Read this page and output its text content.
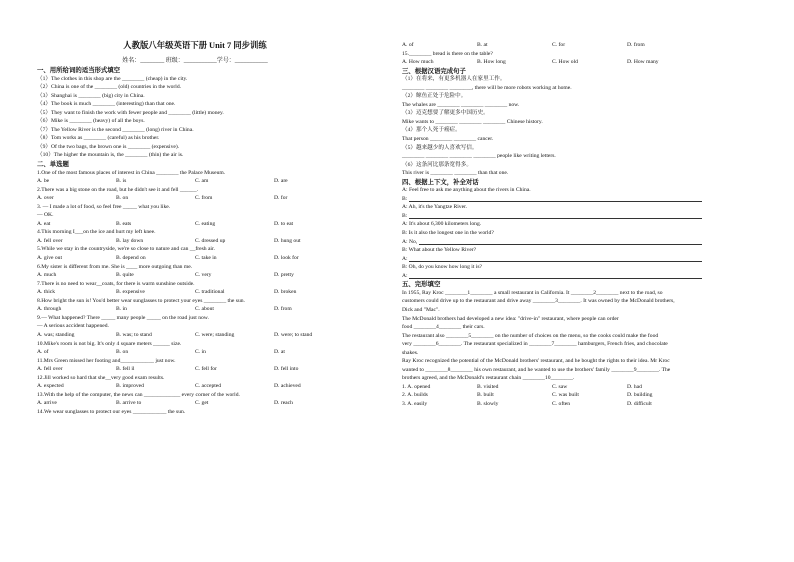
人教版八年级英语下册 Unit 7 同步训练
姓名：________ 班级：___________学号：___________
一、用所给词的适当形式填空
（1）The clothes in this shop are the ________ (cheap) in the city.
（2）China is one of the ________ (old) countries in the world.
（3）Shanghai is ________ (big) city in China.
（4）The book is much ________ (interesting) than that one.
（5）They want to finish the work with fewer people and ________ (little) money.
（6）Mike is ________ (heavy) of all the boys.
（7）The Yellow River is the second ________ (long) river in China.
（8）Tom works as ________ (careful) as his brother.
（9）Of the two bags, the brown one is ________ (expensive).
（10）The higher the mountain is, the ________ (thin) the air is.
二、单选题
1.One of the most famous places of interest in China ________ the Palace Museum.
A. be	B. is	C. am	D. are
2.There was a big stone on the road, but he didn't see it and fell ______.
A. over	B. on	C. from	D. for
3. — I made a lot of food, so feel free _____ what you like.
— OK.
A. eat	B. eats	C. eating	D. to eat
4.This morning I___on the ice and hurt my left knee.
A. fell over	B. lay down	C. dressed up	D. hung out
5.While we stay in the countryside, we're so close to nature and can __fresh air.
A. give out	B. depend on	C. take in	D. look for
6.My sister is different from me. She is ____ more outgoing than me.
A. much	B. quite	C. very	D. pretty
7.There is no need to wear__coats, for there is warm sunshine outside.
A. thick	B. expensive	C. traditional	D. broken
8.How bright the sun is! You'd better wear sunglasses to protect your eyes ________ the sun.
A. through	B. in	C. about	D. from
9.— What happened? There _____ many people _____ on the road just now.
— A serious accident happened.
A. was; standing	B. was; to stand	C. were; standing	D. were; to stand
10.Mike's room is not big. It's only 4 square meters ______ size.
A. of	B. on	C. in	D. at
11.Mrs Green missed her footing and____________ just now.
A. fell over	B. fell il	C. fell for	D. fell into
12.Jill worked so hard that she__very good exam results.
A. expected	B. improved	C. accepted	D. achieved
13.With the help of the computer, the news can _____________ every corner of the world.
A. arrive	B. arrive to	C. get	D. reach
14.We wear sunglasses to protect our eyes ____________ the sun.
A. of	B. at	C. for	D. from
15.________ bread is there on the table?
A. How much	B. How long	C. How old	D. How many
三、根据汉语完成句子
（1）在将来，有更多机器人在家里工作。
________ ________ ________, there will be more robots working at home.
（2）鲸鱼正处于危险中。
The whales are ________ ________ ________ now.
（3）迈克想要了解更多中国历史。
Mike wants to ________ ________ ________ Chinese history.
（4）那个人死于癌症。
That person ________ ________ cancer.
（5）越来越少的人喜欢写信。
________ ________ ________ ________ people like writing letters.
（6）这条河比那条宽得多。
This river is ________ ________ than that one.
四、根据上下文，补全对话
A: Feel free to ask me anything about the rivers in China.
B:
A: Ah, it's the Yangtze River.
B:
A: It's about 6,300 kilometers long.
B: Is it also the longest one in the world?
A: No,
B: What about the Yellow River?
A:
B: Oh, do you know how long it is?
A:
五、完形填空
In 1955, Ray Kroc ________1________ a small restaurant in California. It ________2________ next to the road, so
customers could drive up to the restaurant and drive away ________3________. It was owned by the McDonald brothers,
Dick and "Mac".
The McDonald brothers had developed a new idea: "drive-in" restaurant, where people can order
food ________4________ their cars.
The restaurant also ________5________ on the number of choices on the menu, so the cooks could make the food
very ________6________. The restaurant specialized in ________7________ hamburgers, French fries, and chocolate
shakes.
Ray Kroc recognized the potential of the McDonald brothers' restaurant, and he bought the rights to their idea. Mr Kroc
wanted to ________8________ his own restaurant, and he wanted to use the brothers' family ________9________. The
brothers agreed, and the McDonald's restaurant chain ________10________.
1. A. opened	B. visited	C. saw	D. had
2. A. builds	B. built	C. was built	D. building
3. A. easily	B. slowly	C. often	D. difficult
